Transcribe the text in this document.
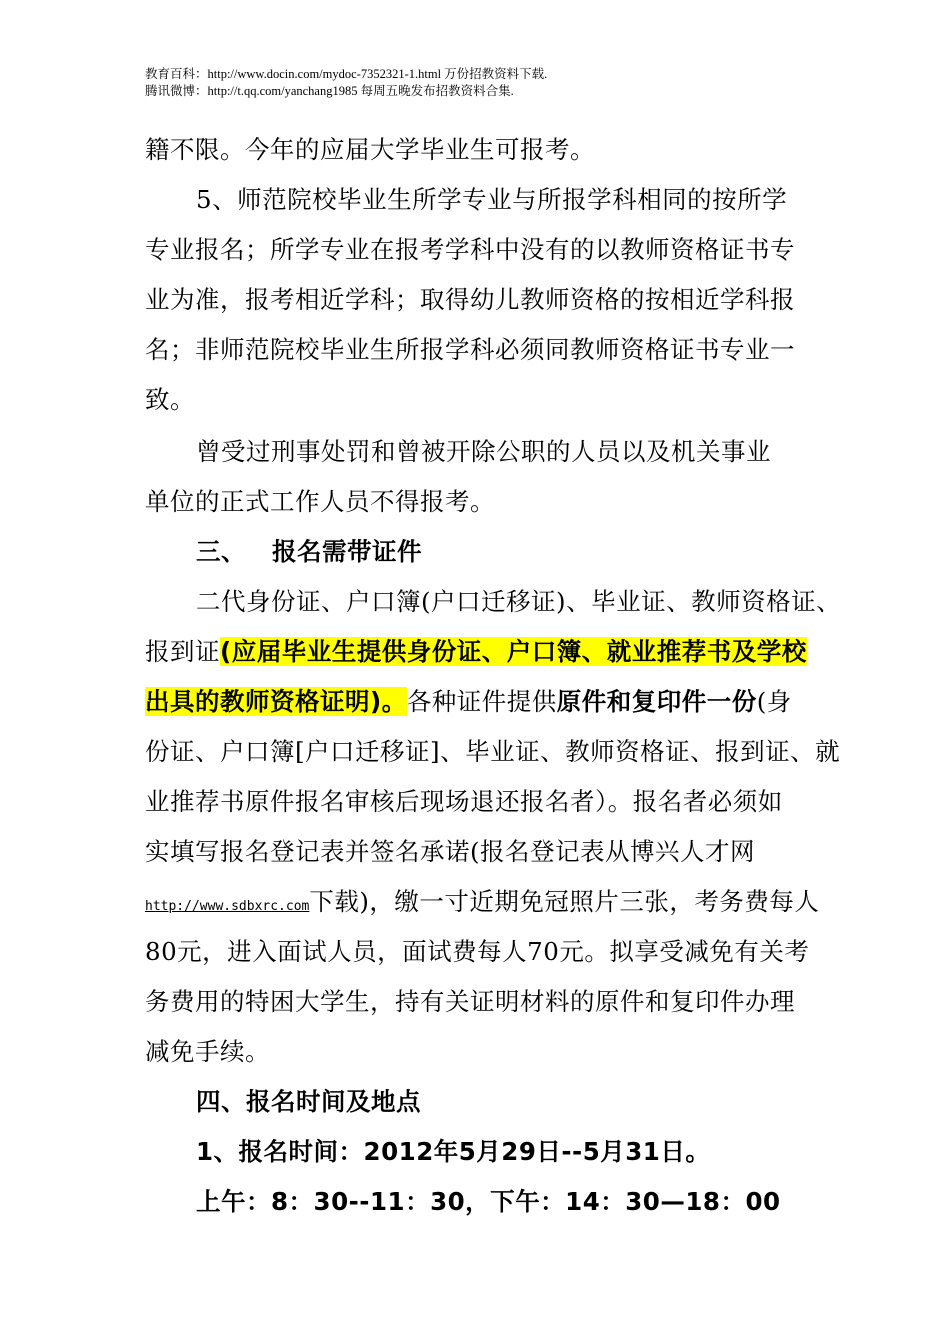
教育百科：http://www.docin.com/mydoc-7352321-1.html 万份招教资料下载.
腾讯微博：http://t.qq.com/yanchang1985 每周五晚发布招教资料合集.
籍不限。今年的应届大学毕业生可报考。
5、师范院校毕业生所学专业与所报学科相同的按所学
专业报名；所学专业在报考学科中没有的以教师资格证书专
业为准，报考相近学科；取得幼儿教师资格的按相近学科报
名；非师范院校毕业生所报学科必须同教师资格证书专业一
致。
曾受过刑事处罚和曾被开除公职的人员以及机关事业
单位的正式工作人员不得报考。
三、 报名需带证件
二代身份证、户口簿(户口迁移证)、毕业证、教师资格证、
报到证(应届毕业生提供身份证、户口簿、就业推荐书及学校
出具的教师资格证明)。各种证件提供原件和复印件一份(身
份证、户口簿[户口迁移证]、毕业证、教师资格证、报到证、就
业推荐书原件报名审核后现场退还报名者）。报名者必须如
实填写报名登记表并签名承诺(报名登记表从博兴人才网
http://www.sdbxrc.com下载)，缴一寸近期免冠照片三张，考务费每人
80元，进入面试人员，面试费每人70元。拟享受减免有关考
务费用的特困大学生，持有关证明材料的原件和复印件办理
减免手续。
四、报名时间及地点
1、报名时间：2012年5月29日--5月31日。
上午：8：30--11：30，下午：14：30—18：00
